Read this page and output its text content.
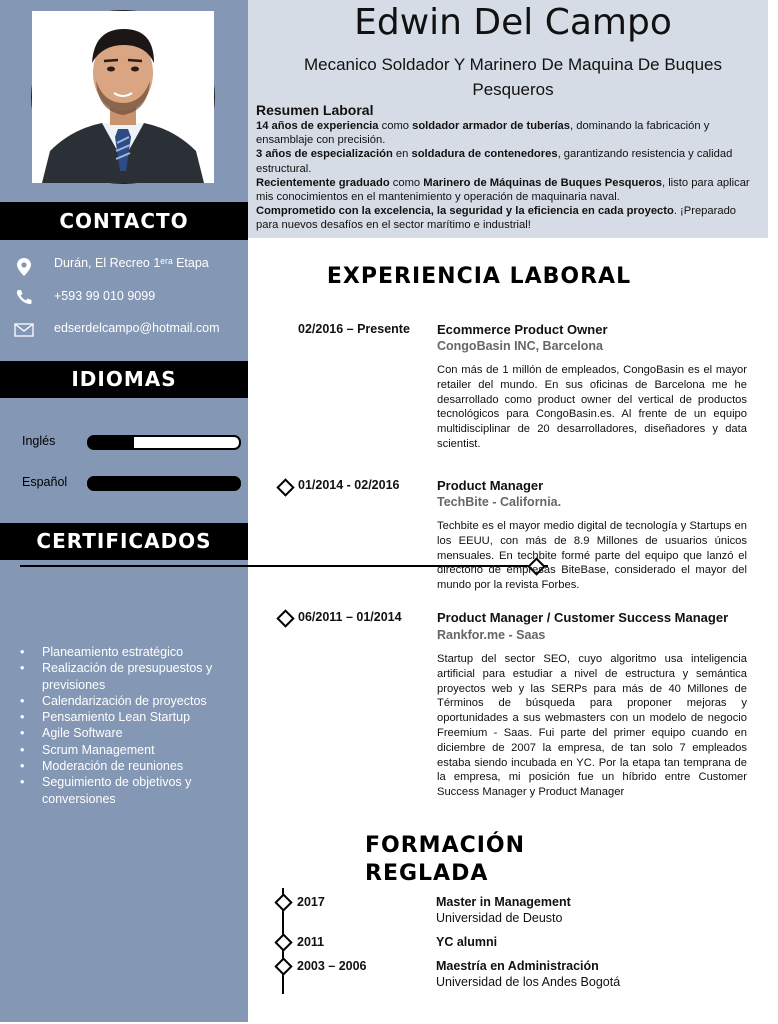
Edwin Del Campo
Mecanico Soldador Y Marinero De Maquina De Buques Pesqueros
Resumen Laboral
14 años de experiencia como soldador armador de tuberías, dominando la fabricación y ensamblaje con precisión.
3 años de especialización en soldadura de contenedores, garantizando resistencia y calidad estructural.
Recientemente graduado como Marinero de Máquinas de Buques Pesqueros, listo para aplicar mis conocimientos en el mantenimiento y operación de maquinaria naval.
Comprometido con la excelencia, la seguridad y la eficiencia en cada proyecto. ¡Preparado para nuevos desafíos en el sector marítimo e industrial!
CONTACTO
Durán, El Recreo 1ᵉʳᵃ Etapa
+593 99 010 9099
edserdelcampo@hotmail.com
IDIOMAS
Inglés
Español
CERTIFICADOS
• Planeamiento estratégico
• Realización de presupuestos y previsiones
• Calendarización de proyectos
• Pensamiento Lean Startup
• Agile Software
• Scrum Management
• Moderación de reuniones
• Seguimiento de objetivos y conversiones
EXPERIENCIA LABORAL
02/2016 – Presente Ecommerce Product Owner
CongoBasin INC, Barcelona
Con más de 1 millón de empleados, CongoBasin es el mayor retailer del mundo. En sus oficinas de Barcelona me he desarrollado como product owner del vertical de productos tecnológicos para CongoBasin.es. Al frente de un equipo multidisciplinar de 20 desarrolladores, diseñadores y data scientist.
01/2014 - 02/2016	Product Manager
TechBite - California.
Techbite es el mayor medio digital de tecnología y Startups en los EEUU, con más de 8.9 Millones de usuarios únicos mensuales. En techbite formé parte del equipo que lanzó el directorio de empresas BiteBase, considerado el mayor del mundo por la revista Forbes.
06/2011 – 01/2014	Product Manager / Customer Success Manager
Rankfor.me - Saas
Startup del sector SEO, cuyo algoritmo usa inteligencia artificial para estudiar a nivel de estructura y semántica proyectos web y las SERPs para más de 40 Millones de Términos de búsqueda para proponer mejoras y oportunidades a sus webmasters con un modelo de negocio Freemium - Saas. Fui parte del primer equipo cuando en diciembre de 2007 la empresa, de tan solo 7 empleados estaba siendo incubada en YC. Por la etapa tan temprana de la empresa, mi posición fue un híbrido entre Customer Success Manager y Product Manager
FORMACIÓN REGLADA
2017	Master in Management
Universidad de Deusto
2011	YC alumni
2003 – 2006	Maestría en Administración
Universidad de los Andes Bogotá
